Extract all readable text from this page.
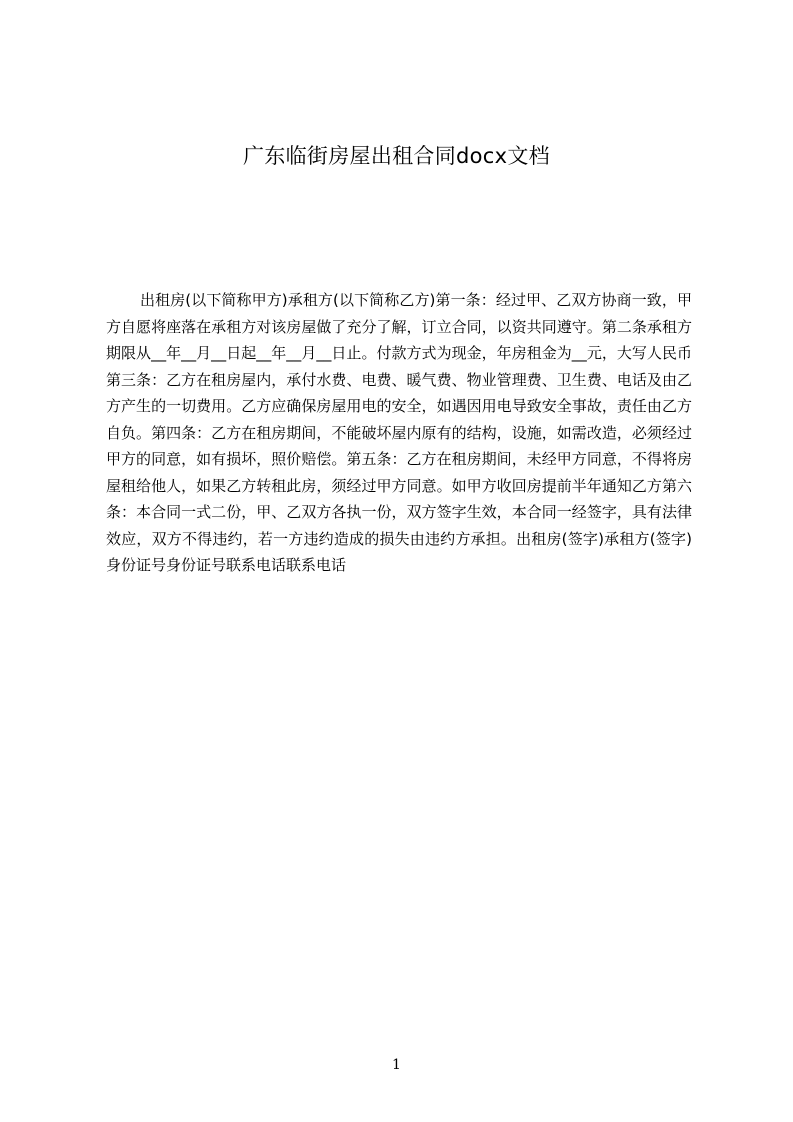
广东临街房屋出租合同docx文档

出租房(以下简称甲方)承租方(以下简称乙方)第一条：经过甲、乙双方协商一致，甲方自愿将座落在承租方对该房屋做了充分了解，订立合同，以资共同遵守。第二条承租方期限从__年__月__日起__年__月__日止。付款方式为现金，年房租金为__元，大写人民币第三条：乙方在租房屋内，承付水费、电费、暖气费、物业管理费、卫生费、电话及由乙方产生的一切费用。乙方应确保房屋用电的安全，如遇因用电导致安全事故，责任由乙方自负。第四条：乙方在租房期间，不能破坏屋内原有的结构，设施，如需改造，必须经过甲方的同意，如有损坏，照价赔偿。第五条：乙方在租房期间，未经甲方同意，不得将房屋租给他人，如果乙方转租此房，须经过甲方同意。如甲方收回房提前半年通知乙方第六条：本合同一式二份，甲、乙双方各执一份，双方签字生效，本合同一经签字，具有法律效应，双方不得违约，若一方违约造成的损失由违约方承担。出租房(签字)承租方(签字)身份证号身份证号联系电话联系电话

1
